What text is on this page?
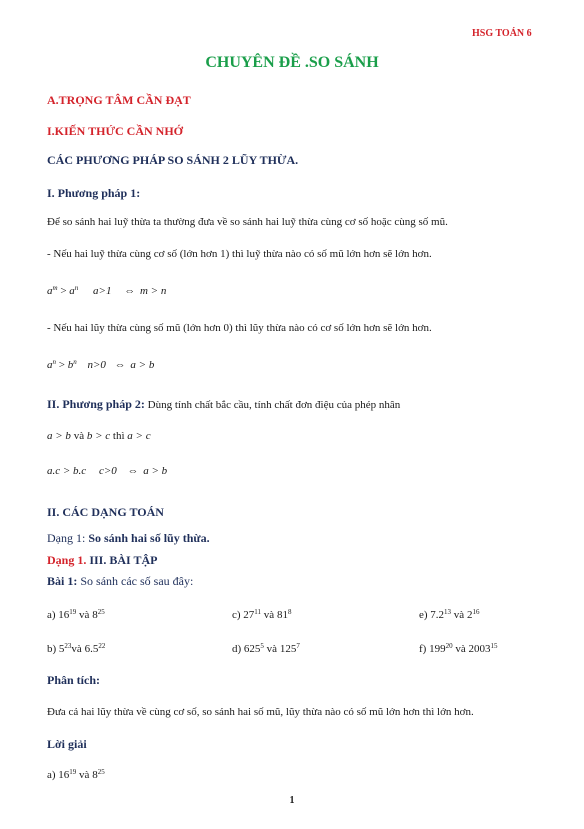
HSG TOÁN 6
CHUYÊN ĐỀ .SO SÁNH
A.TRỌNG TÂM CẦN ĐẠT
I.KIẾN THỨC CẦN NHỚ
CÁC PHƯƠNG PHÁP SO SÁNH 2 LŨY THỪA.
I. Phương pháp 1:
Để so sánh hai luỹ thừa ta thường đưa về so sánh hai luỹ thừa cùng cơ số hoặc cùng số mũ.
- Nếu hai luỹ thừa cùng cơ số (lớn hơn 1) thì luỹ thừa nào có số mũ lớn hơn sẽ lớn hơn.
$a^m > a^n$ a>1 ⇔ m > n
- Nếu hai lũy thừa cùng số mũ (lớn hơn 0) thì lũy thừa nào có cơ số lớn hơn sẽ lớn hơn.
$a^n > b^n$ n>0 ⇔ a > b
II. Phương pháp 2: Dùng tính chất bắc cầu, tính chất đơn điệu của phép nhân
a > b và b > c thì a > c
a.c > b.c c>0 ⇔ a > b
II. CÁC DẠNG TOÁN
Dạng 1: So sánh hai số lũy thừa.
Dạng 1. III. BÀI TẬP
Bài 1: So sánh các số sau đây:
a) $16^{19}$ và $8^{25}$	c) $27^{11}$ và $81^8$	e) $7.2^{13}$ và $2^{16}$
b) $5^{23}và$ $6.5^{22}$	d) $625^5$ và $125^7$	f) $199^{20}$ và 2003$^{15}$
Phân tích:
Đưa cả hai lũy thừa về cùng cơ số, so sánh hai số mũ, lũy thừa nào có số mũ lớn hơn thì lớn hơn.
Lời giải
a) $16^{19}$ và $8^{25}$
1
